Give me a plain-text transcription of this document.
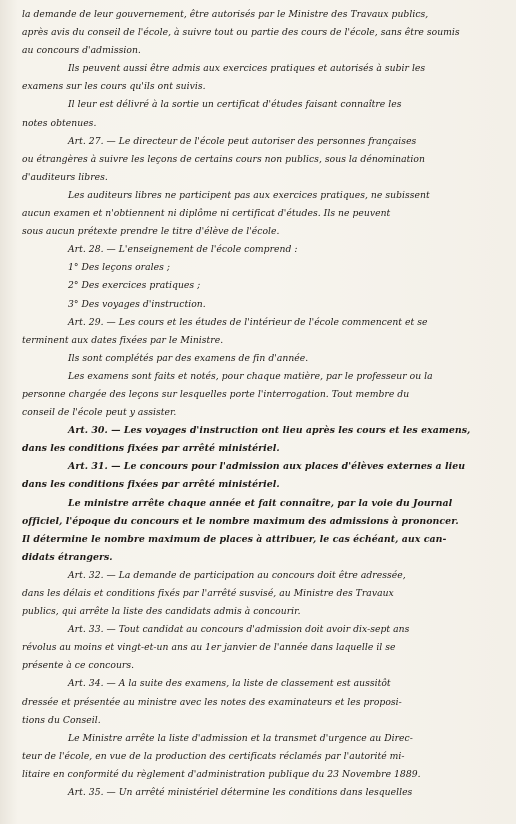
la demande de leur gouvernement, être autorisés par le Ministre des Travaux publics,
après avis du conseil de l'école, à suivre tout ou partie des cours de l'école, sans être soumis
au concours d'admission.
Ils peuvent aussi être admis aux exercices pratiques et autorisés à subir les
examens sur les cours qu'ils ont suivis.
Il leur est délivré à la sortie un certificat d'études faisant connaître les
notes obtenues.
Art. 27. — Le directeur de l'école peut autoriser des personnes françaises
ou étrangères à suivre les leçons de certains cours non publics, sous la dénomination
d'auditeurs libres.
Les auditeurs libres ne participent pas aux exercices pratiques, ne subissent
aucun examen et n'obtiennent ni diplôme ni certificat d'études. Ils ne peuvent
sous aucun prétexte prendre le titre d'élève de l'école.
Art. 28. — L'enseignement de l'école comprend :
1° Des leçons orales ;
2° Des exercices pratiques ;
3° Des voyages d'instruction.
Art. 29. — Les cours et les études de l'intérieur de l'école commencent et se
terminent aux dates fixées par le Ministre.
Ils sont complétés par des examens de fin d'année.
Les examens sont faits et notés, pour chaque matière, par le professeur ou la
personne chargée des leçons sur lesquelles porte l'interrogation. Tout membre du
conseil de l'école peut y assister.
Art. 30. — Les voyages d'instruction ont lieu après les cours et les examens,
dans les conditions fixées par arrêté ministériel.
Art. 31. — Le concours pour l'admission aux places d'élèves externes a lieu
dans les conditions fixées par arrêté ministériel.
Le ministre arrête chaque année et fait connaître, par la voie du Journal
officiel, l'époque du concours et le nombre maximum des admissions à prononcer.
Il détermine le nombre maximum de places à attribuer, le cas échéant, aux can-
didats étrangers.
Art. 32. — La demande de participation au concours doit être adressée,
dans les délais et conditions fixés par l'arrêté susvisé, au Ministre des Travaux
publics, qui arrête la liste des candidats admis à concourir.
Art. 33. — Tout candidat au concours d'admission doit avoir dix-sept ans
révolus au moins et vingt-et-un ans au 1er janvier de l'année dans laquelle il se
présente à ce concours.
Art. 34. — A la suite des examens, la liste de classement est aussitôt
dressée et présentée au ministre avec les notes des examinateurs et les proposi-
tions du Conseil.
Le Ministre arrête la liste d'admission et la transmet d'urgence au Direc-
teur de l'école, en vue de la production des certificats réclamés par l'autorité mi-
litaire en conformité du règlement d'administration publique du 23 Novembre 1889.
Art. 35. — Un arrêté ministériel détermine les conditions dans lesquelles
